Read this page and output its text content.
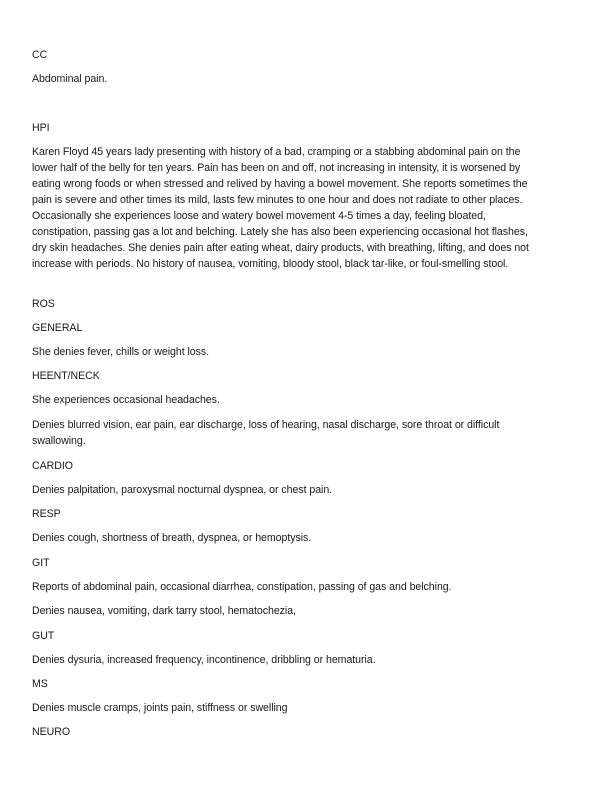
CC
Abdominal pain.
HPI
Karen Floyd 45 years lady presenting with history of a bad, cramping or a stabbing abdominal pain on the lower half of the belly for ten years. Pain has been on and off, not increasing in intensity, it is worsened by eating wrong foods or when stressed and relived by having a bowel movement. She reports sometimes the pain is severe and other times its mild, lasts few minutes to one hour and does not radiate to other places. Occasionally she experiences loose and watery bowel movement 4-5 times a day, feeling bloated, constipation, passing gas a lot and belching. Lately she has also been experiencing occasional hot flashes, dry skin headaches. She denies pain after eating wheat, dairy products, with breathing, lifting, and does not increase with periods. No history of nausea, vomiting, bloody stool, black tar-like, or foul-smelling stool.
ROS
GENERAL
She denies fever, chills or weight loss.
HEENT/NECK
She experiences occasional headaches.
Denies blurred vision, ear pain, ear discharge, loss of hearing, nasal discharge, sore throat or difficult swallowing.
CARDIO
Denies palpitation, paroxysmal nocturnal dyspnea, or chest pain.
RESP
Denies cough, shortness of breath, dyspnea, or hemoptysis.
GIT
Reports of abdominal pain, occasional diarrhea, constipation, passing of gas and belching.
Denies nausea, vomiting, dark tarry stool, hematochezia,
GUT
Denies dysuria, increased frequency, incontinence, dribbling or hematuria.
MS
Denies muscle cramps, joints pain, stiffness or swelling
NEURO
